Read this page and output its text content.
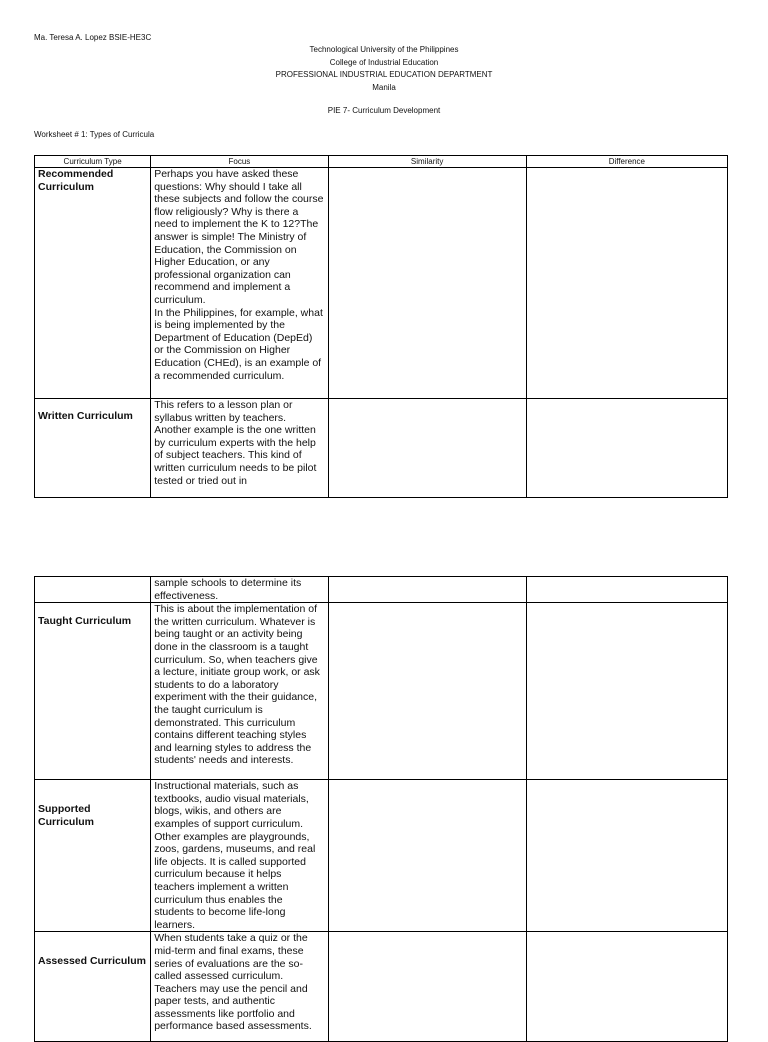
Ma. Teresa A. Lopez BSIE-HE3C
Technological University of the Philippines
College of Industrial Education
PROFESSIONAL INDUSTRIAL EDUCATION DEPARTMENT
Manila
PIE 7- Curriculum Development
Worksheet # 1: Types of Curricula
Curriculum Type	Focus	Similarity	Difference
Recommended Curriculum	Perhaps you have asked these questions: Why should I take all these subjects and follow the course flow religiously? Why is there a need to implement the K to 12?The answer is simple! The Ministry of Education, the Commission on Higher Education, or any professional organization can recommend and implement a curriculum.

In the Philippines, for example, what is being implemented by the Department of Education (DepEd) or the Commission on Higher Education (CHEd), is an example of a recommended curriculum.		

Written Curriculum	This refers to a lesson plan or syllabus written by teachers. Another example is the one written by curriculum experts with the help of subject teachers. This kind of written curriculum needs to be pilot tested or tried out in		

	sample schools to determine its effectiveness.		

Taught Curriculum	This is about the implementation of the written curriculum. Whatever is being taught or an activity being done in the classroom is a taught curriculum. So, when teachers give a lecture, initiate group work, or ask students to do a laboratory experiment with the their guidance, the taught curriculum is demonstrated. This curriculum contains different teaching styles and learning styles to address the students' needs and interests.		

Supported Curriculum	Instructional materials, such as textbooks, audio visual materials, blogs, wikis, and others are examples of support curriculum. Other examples are playgrounds, zoos, gardens, museums, and real life objects. It is called supported curriculum because it helps teachers implement a written curriculum thus enables the students to become life-long learners.		

Assessed Curriculum	When students take a quiz or the mid-term and final exams, these series of evaluations are the so-called assessed curriculum. Teachers may use the pencil and paper tests, and authentic assessments like portfolio and performance based assessments.		
